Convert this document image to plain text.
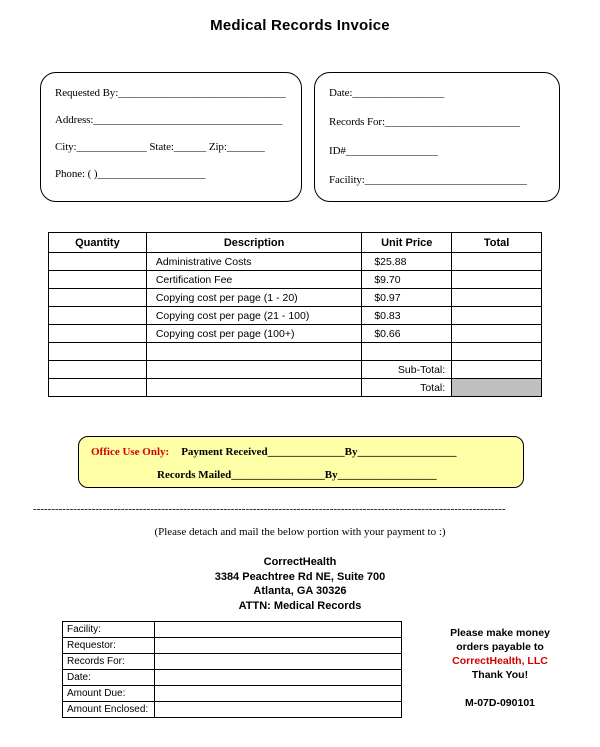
Medical Records Invoice
Requested By:_______________________________
Address:___________________________________
City:_____________ State:______ Zip:_______
Phone: ( )____________________
Date:_________________
Records For:_________________________
ID#_________________
Facility:______________________________
Quantity	Description	Unit Price	Total
	Administrative Costs	$25.88	
	Certification Fee	$9.70	
	Copying cost per page (1 - 20)	$0.97	
	Copying cost per page (21 - 100)	$0.83	
	Copying cost per page (100+)	$0.66	

		Sub-Total:	
		Total:	
Office Use Only: Payment Received______________By__________________
Records Mailed_________________By__________________
---------------------------------------------------------------------------------------------------------------------------------
(Please detach and mail the below portion with your payment to :)
CorrectHealth
3384 Peachtree Rd NE, Suite 700
Atlanta, GA 30326
ATTN: Medical Records
Facility:	
Requestor:	
Records For:	
Date:	
Amount Due:	
Amount Enclosed:	
Please make money
orders payable to
CorrectHealth, LLC
Thank You!
M-07D-090101
